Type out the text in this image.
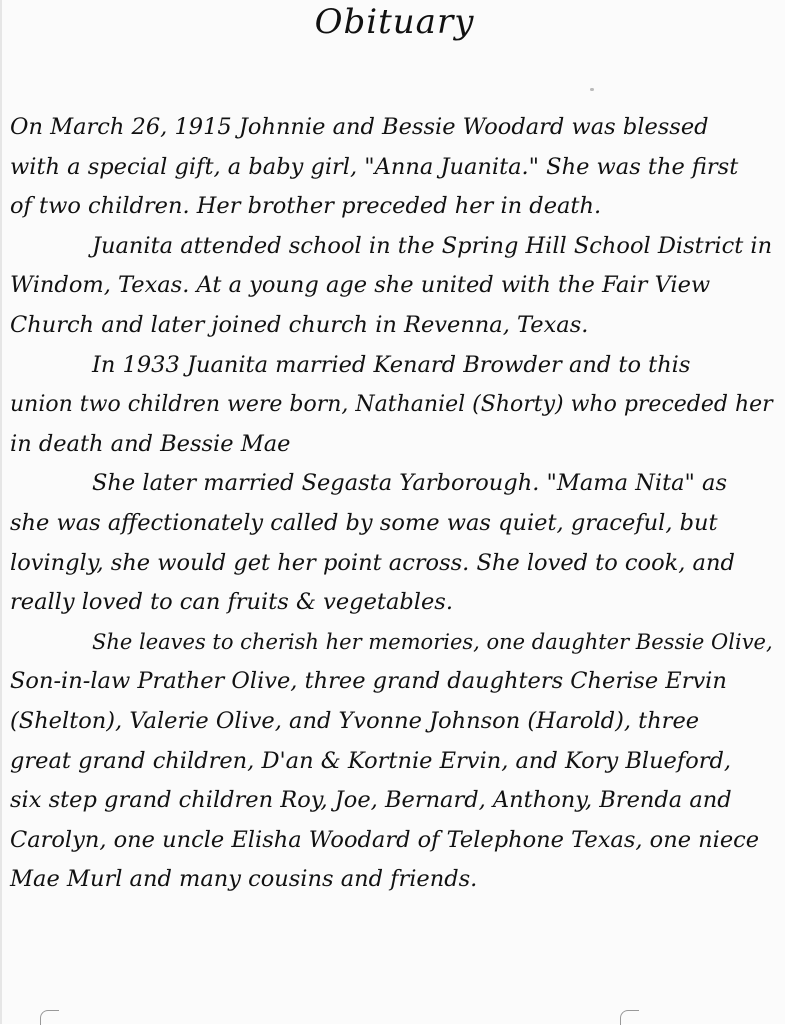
Obituary
On March 26, 1915 Johnnie and Bessie Woodard was blessed
with a special gift, a baby girl, "Anna Juanita." She was the first
of two children. Her brother preceded her in death.
Juanita attended school in the Spring Hill School District in
Windom, Texas. At a young age she united with the Fair View
Church and later joined church in Revenna, Texas.
In 1933 Juanita married Kenard Browder and to this
union two children were born, Nathaniel (Shorty) who preceded her
in death and Bessie Mae
She later married Segasta Yarborough. "Mama Nita" as
she was affectionately called by some was quiet, graceful, but
lovingly, she would get her point across. She loved to cook, and
really loved to can fruits & vegetables.
She leaves to cherish her memories, one daughter Bessie Olive,
Son-in-law Prather Olive, three grand daughters Cherise Ervin
(Shelton), Valerie Olive, and Yvonne Johnson (Harold), three
great grand children, D'an & Kortnie Ervin, and Kory Blueford,
six step grand children Roy, Joe, Bernard, Anthony, Brenda and
Carolyn, one uncle Elisha Woodard of Telephone Texas, one niece
Mae Murl and many cousins and friends.
